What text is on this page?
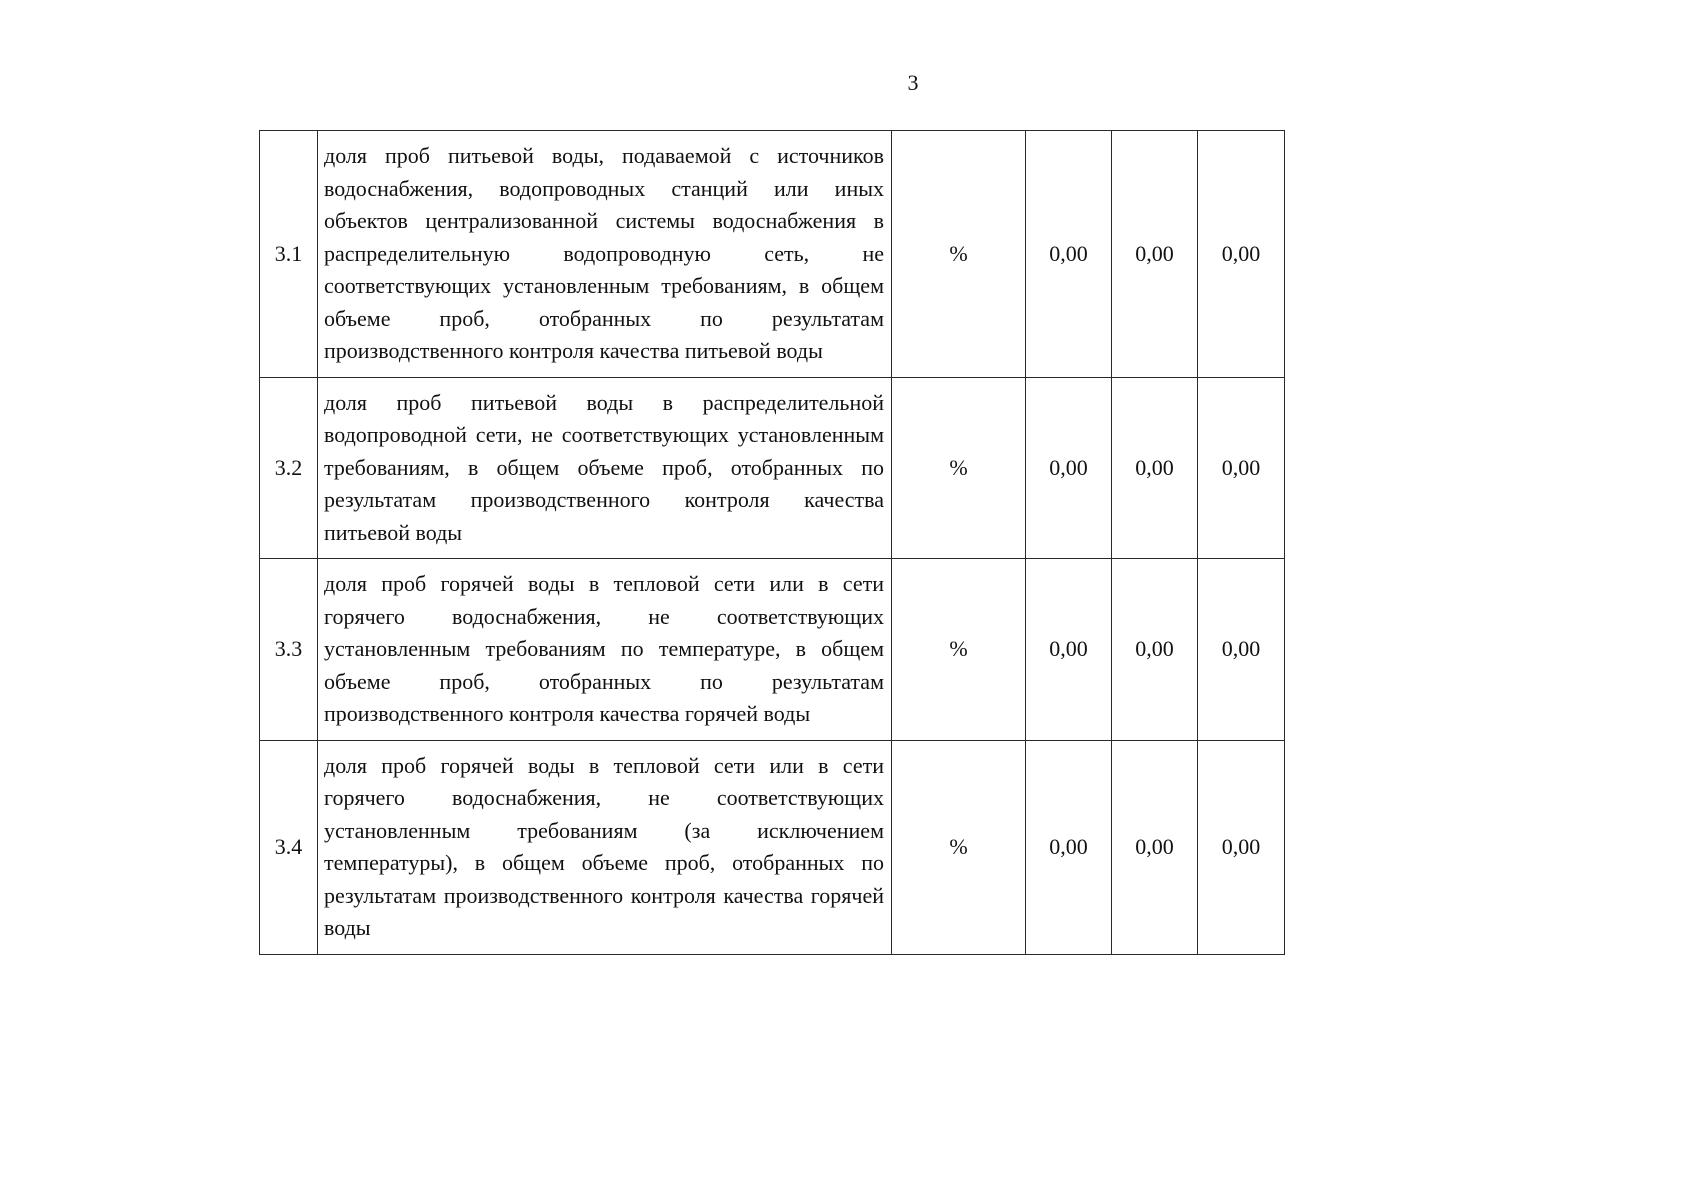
3
3.1	доля проб питьевой воды, подаваемой с источников водоснабжения, водопроводных станций или иных объектов централизованной системы водоснабжения в распределительную водопроводную сеть, не соответствующих установленным требованиям, в общем объеме проб, отобранных по результатам производственного контроля качества питьевой воды	%	0,00	0,00	0,00
3.2	доля проб питьевой воды в распределительной водопроводной сети, не соответствующих установленным требованиям, в общем объеме проб, отобранных по результатам производственного контроля качества питьевой воды	%	0,00	0,00	0,00
3.3	доля проб горячей воды в тепловой сети или в сети горячего водоснабжения, не соответствующих установленным требованиям по температуре, в общем объеме проб, отобранных по результатам производственного контроля качества горячей воды	%	0,00	0,00	0,00
3.4	доля проб горячей воды в тепловой сети или в сети горячего водоснабжения, не соответствующих установленным требованиям (за исключением температуры), в общем объеме проб, отобранных по результатам производственного контроля качества горячей воды	%	0,00	0,00	0,00
